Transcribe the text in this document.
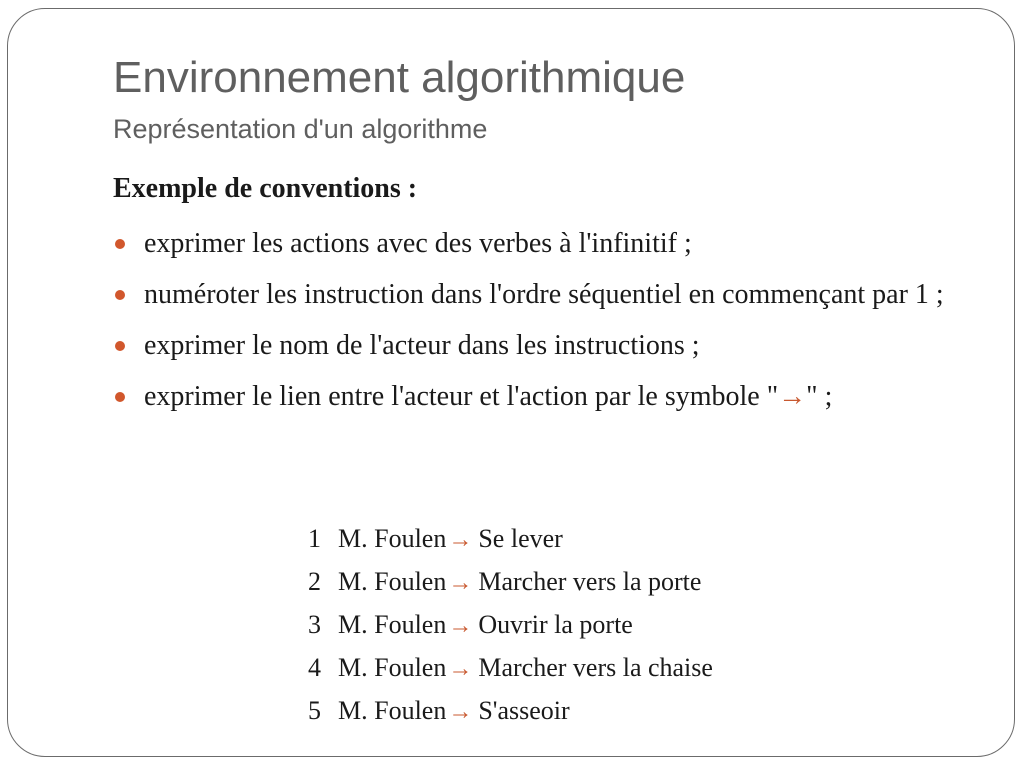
Environnement algorithmique
Représentation d'un algorithme
Exemple de conventions :
exprimer les actions avec des verbes à l'infinitif ;
numéroter les instruction dans l'ordre séquentiel en commençant par 1 ;
exprimer le nom de l'acteur dans les instructions ;
exprimer le lien entre l'acteur et l'action par le symbole "→" ;
1 M. Foulen → Se lever
2 M. Foulen → Marcher vers la porte
3 M. Foulen → Ouvrir la porte
4 M. Foulen → Marcher vers la chaise
5 M. Foulen → S'asseoir
